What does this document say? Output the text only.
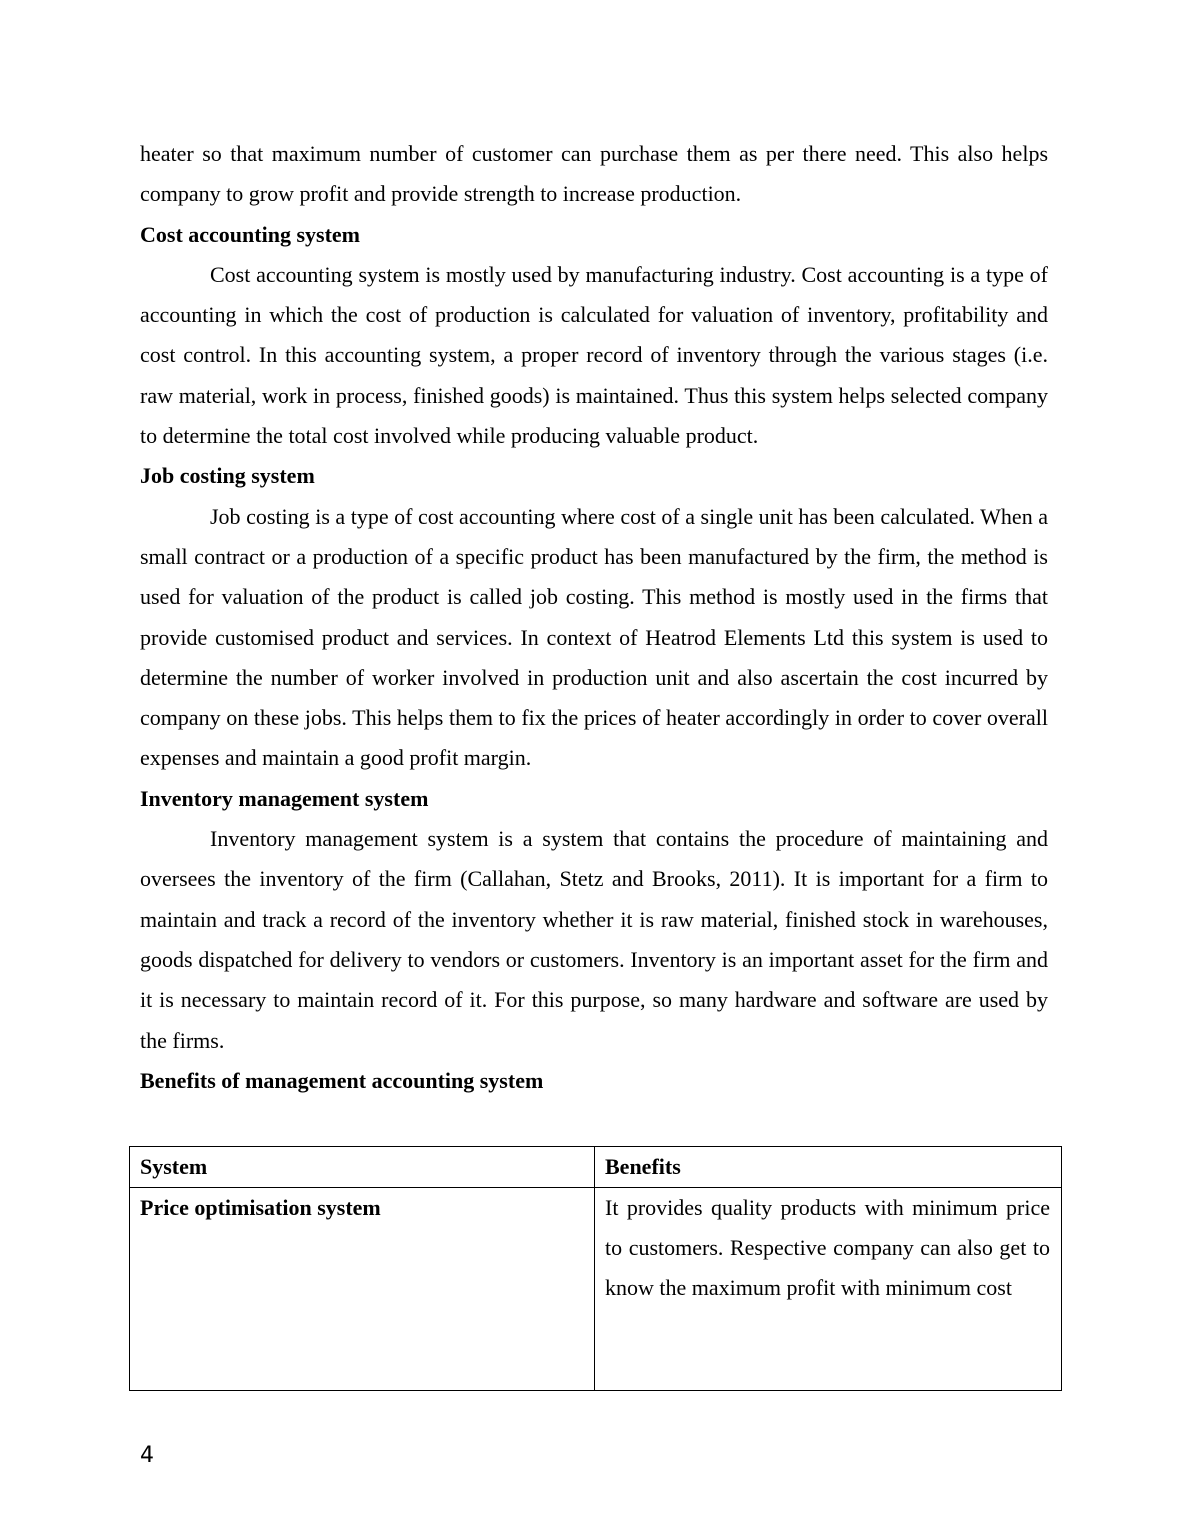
heater so that maximum number of customer can purchase them as per there need. This also helps company to grow profit and provide strength to increase production.

Cost accounting system

Cost accounting system is mostly used by manufacturing industry. Cost accounting is a type of accounting in which the cost of production is calculated for valuation of inventory, profitability and cost control. In this accounting system, a proper record of inventory through the various stages (i.e. raw material, work in process, finished goods) is maintained. Thus this system helps selected company to determine the total cost involved while producing valuable product.

Job costing system

Job costing is a type of cost accounting where cost of a single unit has been calculated. When a small contract or a production of a specific product has been manufactured by the firm, the method is used for valuation of the product is called job costing. This method is mostly used in the firms that provide customised product and services. In context of Heatrod Elements Ltd this system is used to determine the number of worker involved in production unit and also ascertain the cost incurred by company on these jobs. This helps them to fix the prices of heater accordingly in order to cover overall expenses and maintain a good profit margin.

Inventory management system

Inventory management system is a system that contains the procedure of maintaining and oversees the inventory of the firm (Callahan, Stetz and Brooks, 2011). It is important for a firm to maintain and track a record of the inventory whether it is raw material, finished stock in warehouses, goods dispatched for delivery to vendors or customers. Inventory is an important asset for the firm and it is necessary to maintain record of it. For this purpose, so many hardware and software are used by the firms.

Benefits of management accounting system
System	Benefits
Price optimisation system	It provides quality products with minimum price to customers. Respective company can also get to know the maximum profit with minimum cost
4
